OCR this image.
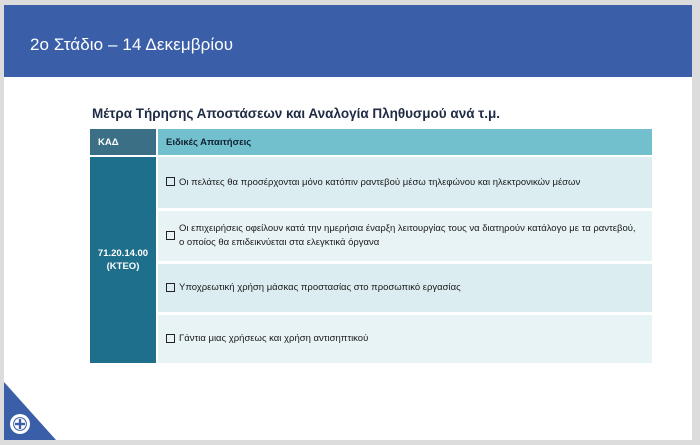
2ο Στάδιο – 14 Δεκεμβρίου
Μέτρα Τήρησης Αποστάσεων και Αναλογία Πληθυσμού ανά τ.μ.
ΚΑΔ	Ειδικές Απαιτήσεις
71.20.14.00
(ΚΤΕΟ)
Οι πελάτες θα προσέρχονται μόνο κατόπιν ραντεβού μέσω τηλεφώνου και ηλεκτρονικών μέσων
Οι επιχειρήσεις οφείλουν κατά την ημερήσια έναρξη λειτουργίας τους να διατηρούν κατάλογο με τα ραντεβού, ο οποίος θα επιδεικνύεται στα ελεγκτικά όργανα
Υποχρεωτική χρήση μάσκας προστασίας στο προσωπικό εργασίας
Γάντια μιας χρήσεως και χρήση αντισηπτικού
